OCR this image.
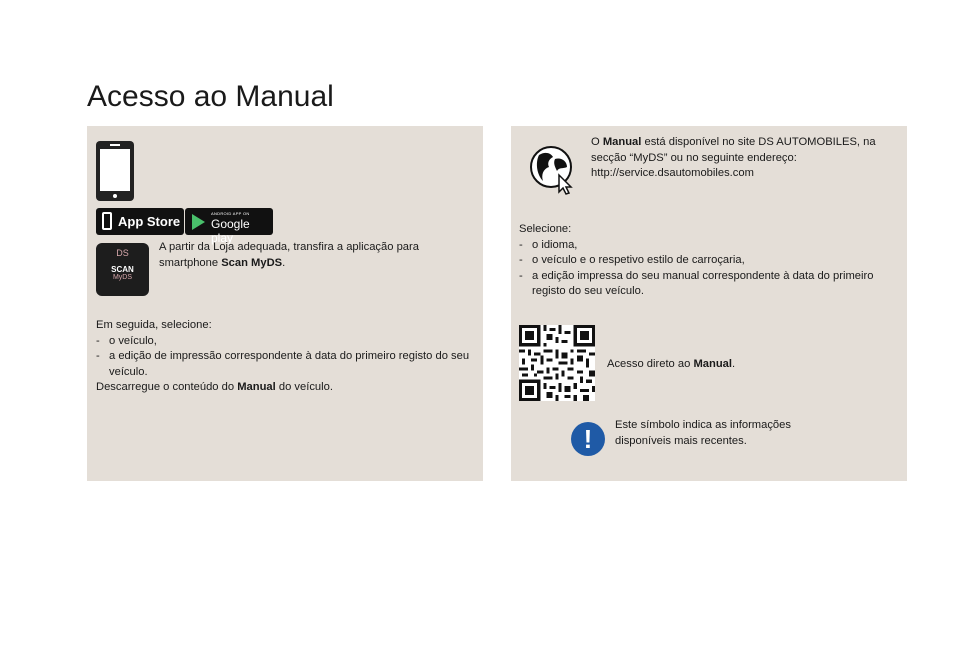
Acesso ao Manual
App Store
ANDROID APP ON
Google play
DS
SCAN
MyDS

A partir da Loja adequada, transfira a aplicação para smartphone Scan MyDS.

Em seguida, selecione:

- o veículo,

- a edição de impressão correspondente à data do primeiro registo do seu veículo.

Descarregue o conteúdo do Manual do veículo.

O Manual está disponível no site DS AUTOMOBILES, na secção “MyDS” ou no seguinte endereço:

http://service.dsautomobiles.com

Selecione:

- o idioma,

- o veículo e o respetivo estilo de carroçaria,

- a edição impressa do seu manual correspondente à data do primeiro registo do seu veículo.

Acesso direto ao Manual.

!	Este símbolo indica as informações disponíveis mais recentes.
